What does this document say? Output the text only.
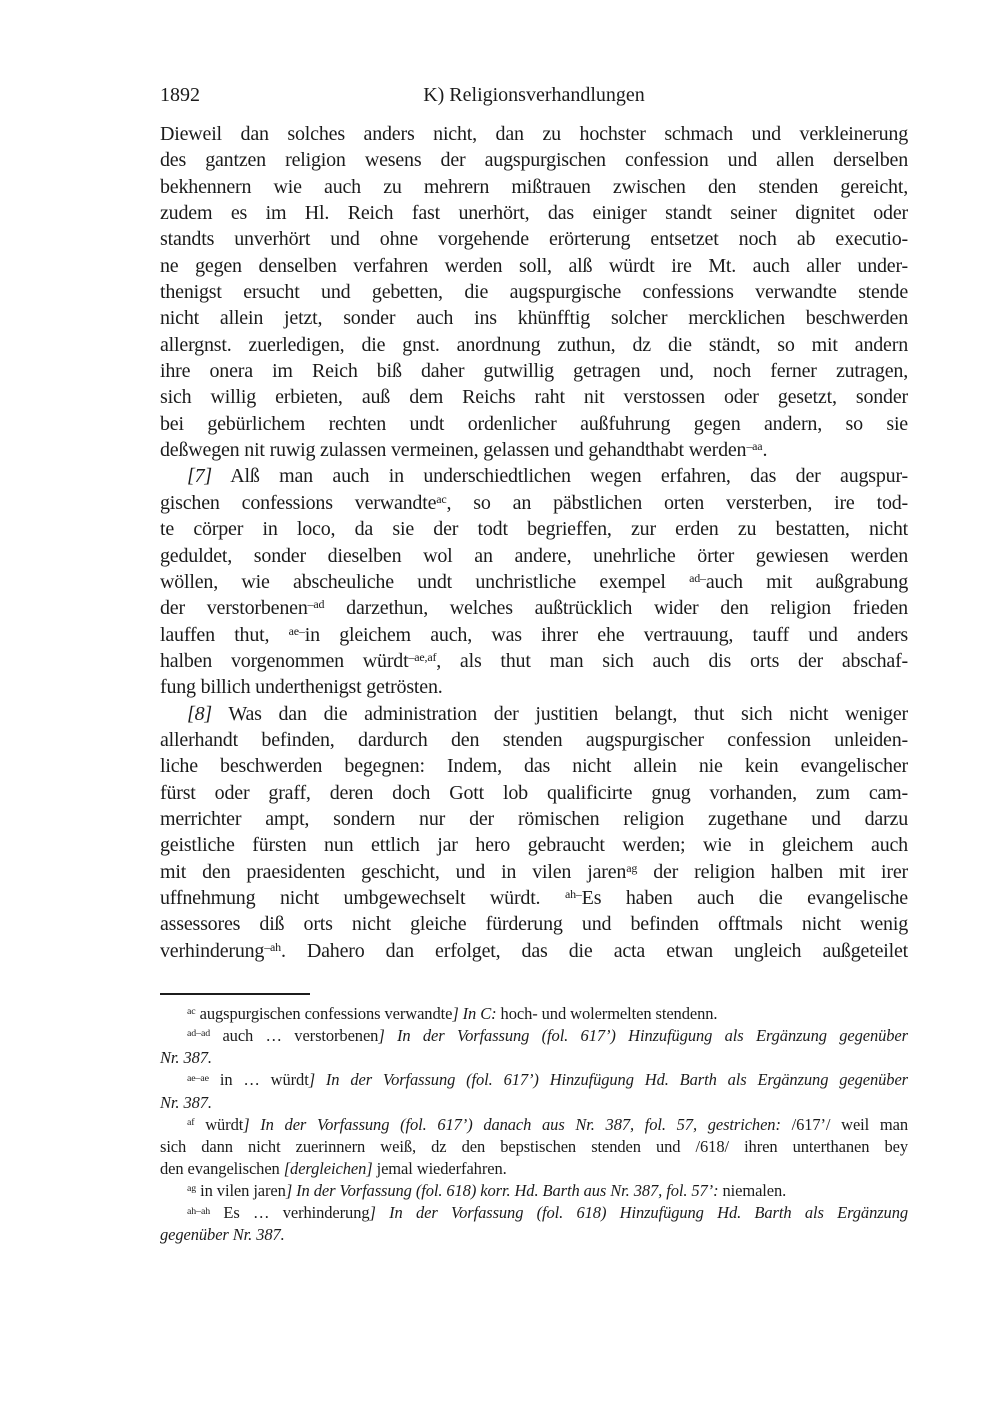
1892	K) Religionsverhandlungen
Dieweil dan solches anders nicht, dan zu hochster schmach und verkleinerung
des gantzen religion wesens der augspurgischen confession und allen derselben
bekhennern wie auch zu mehrern mißtrauen zwischen den stenden gereicht,
zudem es im Hl. Reich fast unerhört, das einiger standt seiner dignitet oder
standts unverhört und ohne vorgehende erörterung entsetzet noch ab executio-
ne gegen denselben verfahren werden soll, alß würdt ire Mt. auch aller under-
thenigst ersucht und gebetten, die augspurgische confessions verwandte stende
nicht allein jetzt, sonder auch ins khünfftig solcher mercklichen beschwerden
allergnst. zuerledigen, die gnst. anordnung zuthun, dz die ständt, so mit andern
ihre onera im Reich biß daher gutwillig getragen und, noch ferner zutragen,
sich willig erbieten, auß dem Reichs raht nit verstossen oder gesetzt, sonder
bei gebürlichem rechten undt ordenlicher außfuhrung gegen andern, so sie
deßwegen nit ruwig zulassen vermeinen, gelassen und gehandthabt werden$^{-aa}$.
[7] Alß man auch in underschiedtlichen wegen erfahren, das der augspur-
gischen confessions verwandte$^{ac}$, so an päbstlichen orten versterben, ire tod-
te cörper in loco, da sie der todt begrieffen, zur erden zu bestatten, nicht
geduldet, sonder dieselben wol an andere, unehrliche örter gewiesen werden
wöllen, wie abscheuliche undt unchristliche exempel $^{ad-}$auch mit außgrabung
der verstorbenen$^{-ad}$ darzethun, welches außtrücklich wider den religion frieden
lauffen thut, $^{ae-}$in gleichem auch, was ihrer ehe vertrauung, tauff und anders
halben vorgenommen würdt$^{-ae,af}$, als thut man sich auch dis orts der abschaf-
fung billich underthenigst getrösten.
[8] Was dan die administration der justitien belangt, thut sich nicht weniger
allerhandt befinden, dardurch den stenden augspurgischer confession unleiden-
liche beschwerden begegnen: Indem, das nicht allein nie kein evangelischer
fürst oder graff, deren doch Gott lob qualificirte gnug vorhanden, zum cam-
merrichter ampt, sondern nur der römischen religion zugethane und darzu
geistliche fürsten nun ettlich jar hero gebraucht werden; wie in gleichem auch
mit den praesidenten geschicht, und in vilen jaren$^{ag}$ der religion halben mit irer
uffnehmung nicht umbgewechselt würdt. $^{ah-}$Es haben auch die evangelische
assessores diß orts nicht gleiche fürderung und befinden offtmals nicht wenig
verhinderung$^{-ah}$. Dahero dan erfolget, das die acta etwan ungleich außgeteilet
$^{ac}$ augspurgischen confessions verwandte] In C: hoch- und wolermelten stendenn.
$^{ad-ad}$ auch … verstorbenen] In der Vorfassung (fol. 617’) Hinzufügung als Ergänzung gegenüber
Nr. 387.
$^{ae-ae}$ in … würdt] In der Vorfassung (fol. 617’) Hinzufügung Hd. Barth als Ergänzung gegenüber
Nr. 387.
$^{af}$ würdt] In der Vorfassung (fol. 617’) danach aus Nr. 387, fol. 57, gestrichen: /617’/ weil man
sich dann nicht zuerinnern weiß, dz den bepstischen stenden und /618/ ihren unterthanen bey
den evangelischen [dergleichen] jemal wiederfahren.
$^{ag}$ in vilen jaren] In der Vorfassung (fol. 618) korr. Hd. Barth aus Nr. 387, fol. 57’: niemalen.
$^{ah-ah}$ Es … verhinderung] In der Vorfassung (fol. 618) Hinzufügung Hd. Barth als Ergänzung
gegenüber Nr. 387.
